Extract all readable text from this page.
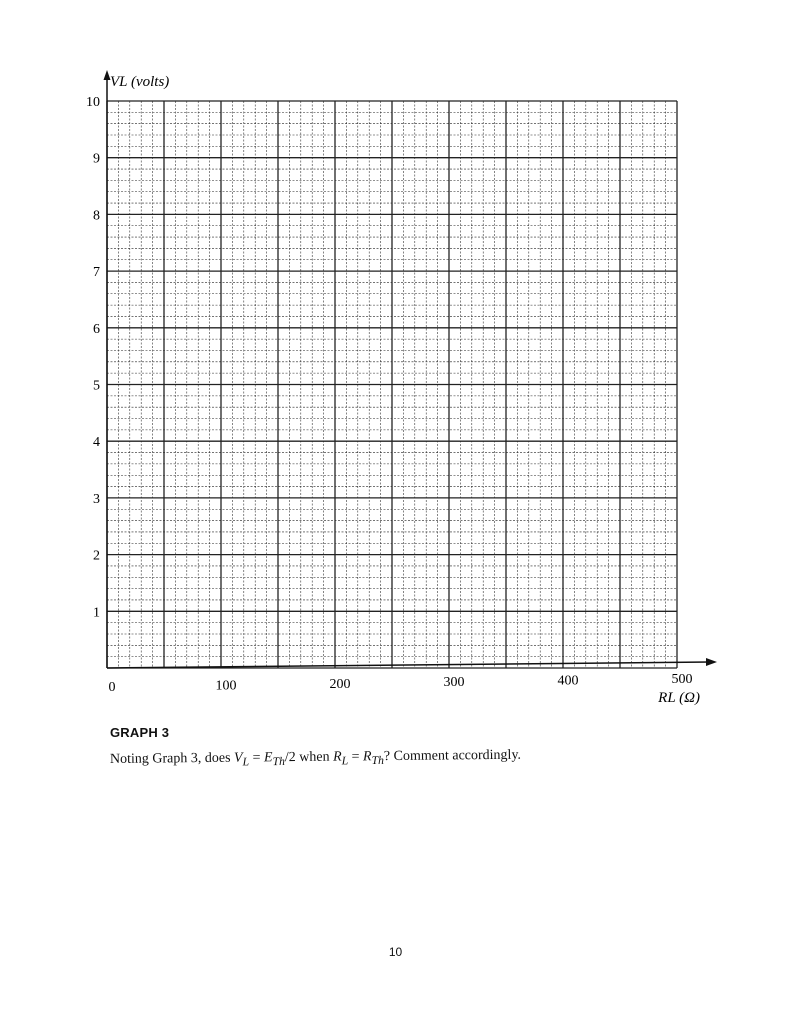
1
2
3
4
5
6
7
8
9
10
0	100	200	300	400	500
VL (volts)
RL (Ω)
GRAPH 3
Noting Graph 3, does $V_L = E_{Th}/2$ when $R_L = R_{Th}$? Comment accordingly.
10
